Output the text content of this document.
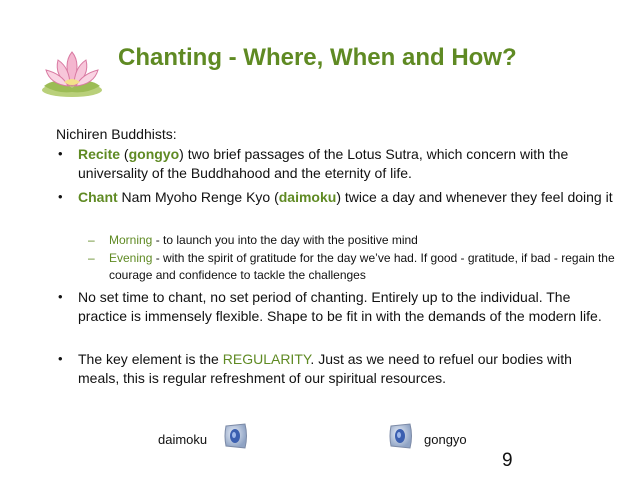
Chanting - Where, When and How?
Nichiren Buddhists:
• Recite (gongyo) two brief passages of the Lotus Sutra, which concern with the universality of the Buddhahood and the eternity of life.
• Chant Nam Myoho Renge Kyo (daimoku) twice a day and whenever they feel doing it
– Morning - to launch you into the day with the positive mind
– Evening - with the spirit of gratitude for the day we’ve had. If good - gratitude, if bad - regain the courage and confidence to tackle the challenges
• No set time to chant, no set period of chanting. Entirely up to the individual. The practice is immensely flexible. Shape to be fit in with the demands of the modern life.
• The key element is the REGULARITY. Just as we need to refuel our bodies with meals, this is regular refreshment of our spiritual resources.
daimoku	gongyo
9
